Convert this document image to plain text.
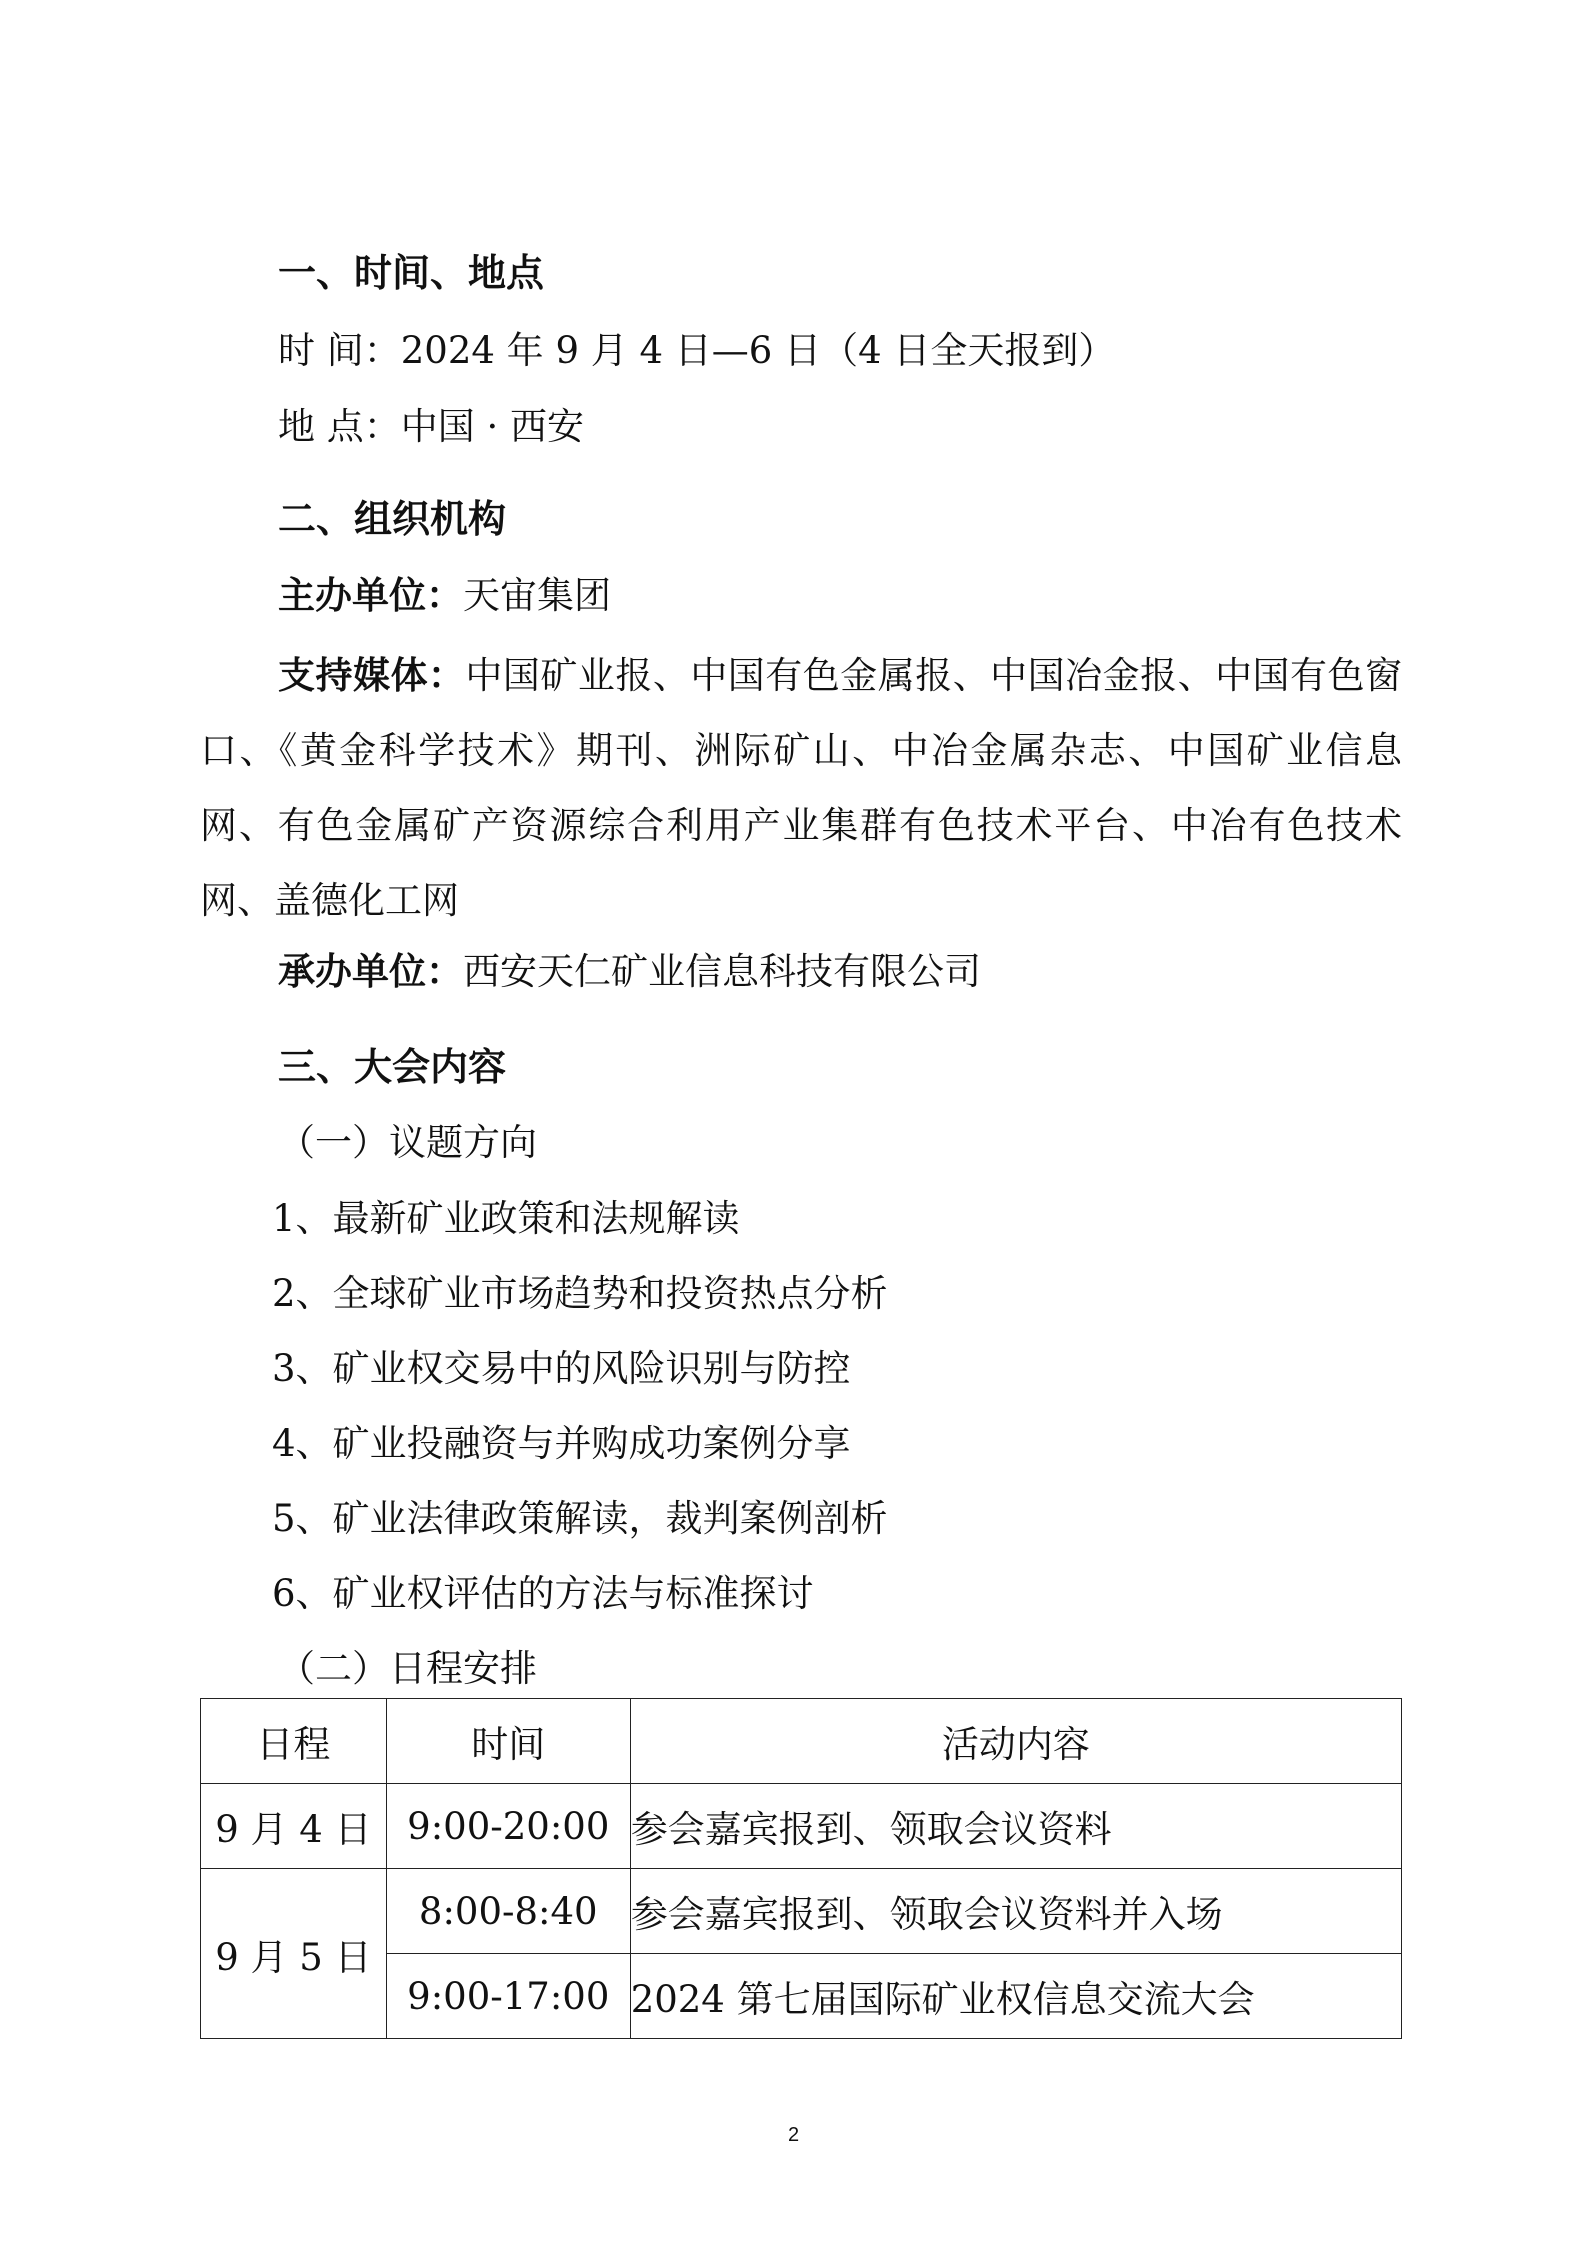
一、时间、地点
时 间：2024 年 9 月 4 日—6 日（4 日全天报到）
地 点：中国 · 西安
二、组织机构
主办单位：天宙集团
支持媒体：中国矿业报、中国有色金属报、中国冶金报、中国有色窗口、《黄金科学技术》期刊、洲际矿山、中冶金属杂志、中国矿业信息网、有色金属矿产资源综合利用产业集群有色技术平台、中冶有色技术网、盖德化工网
承办单位：西安天仁矿业信息科技有限公司
三、大会内容
（一）议题方向
1、最新矿业政策和法规解读
2、全球矿业市场趋势和投资热点分析
3、矿业权交易中的风险识别与防控
4、矿业投融资与并购成功案例分享
5、矿业法律政策解读，裁判案例剖析
6、矿业权评估的方法与标准探讨
（二）日程安排
日程	时间	活动内容
9 月 4 日	9:00-20:00	参会嘉宾报到、领取会议资料
9 月 5 日	8:00-8:40	参会嘉宾报到、领取会议资料并入场
	9:00-17:00	2024 第七届国际矿业权信息交流大会
2
